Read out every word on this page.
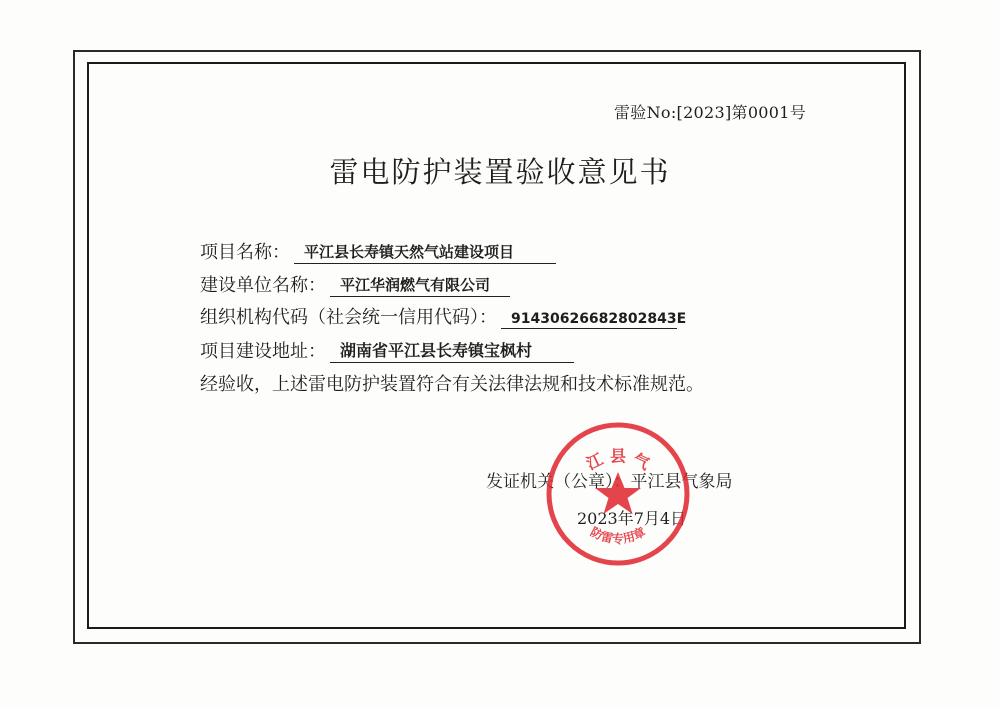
雷验No:[2023]第0001号
雷电防护装置验收意见书
项目名称： 平江县长寿镇天然气站建设项目
建设单位名称： 平江华润燃气有限公司
组织机构代码（社会统一信用代码）： 91430626682802843E
项目建设地址： 湖南省平江县长寿镇宝枫村
经验收，上述雷电防护装置符合有关法律法规和技术标准规范。
发证机关（公章）：平江县气象局
2023年7月4日
江 县 气
防雷专用章
